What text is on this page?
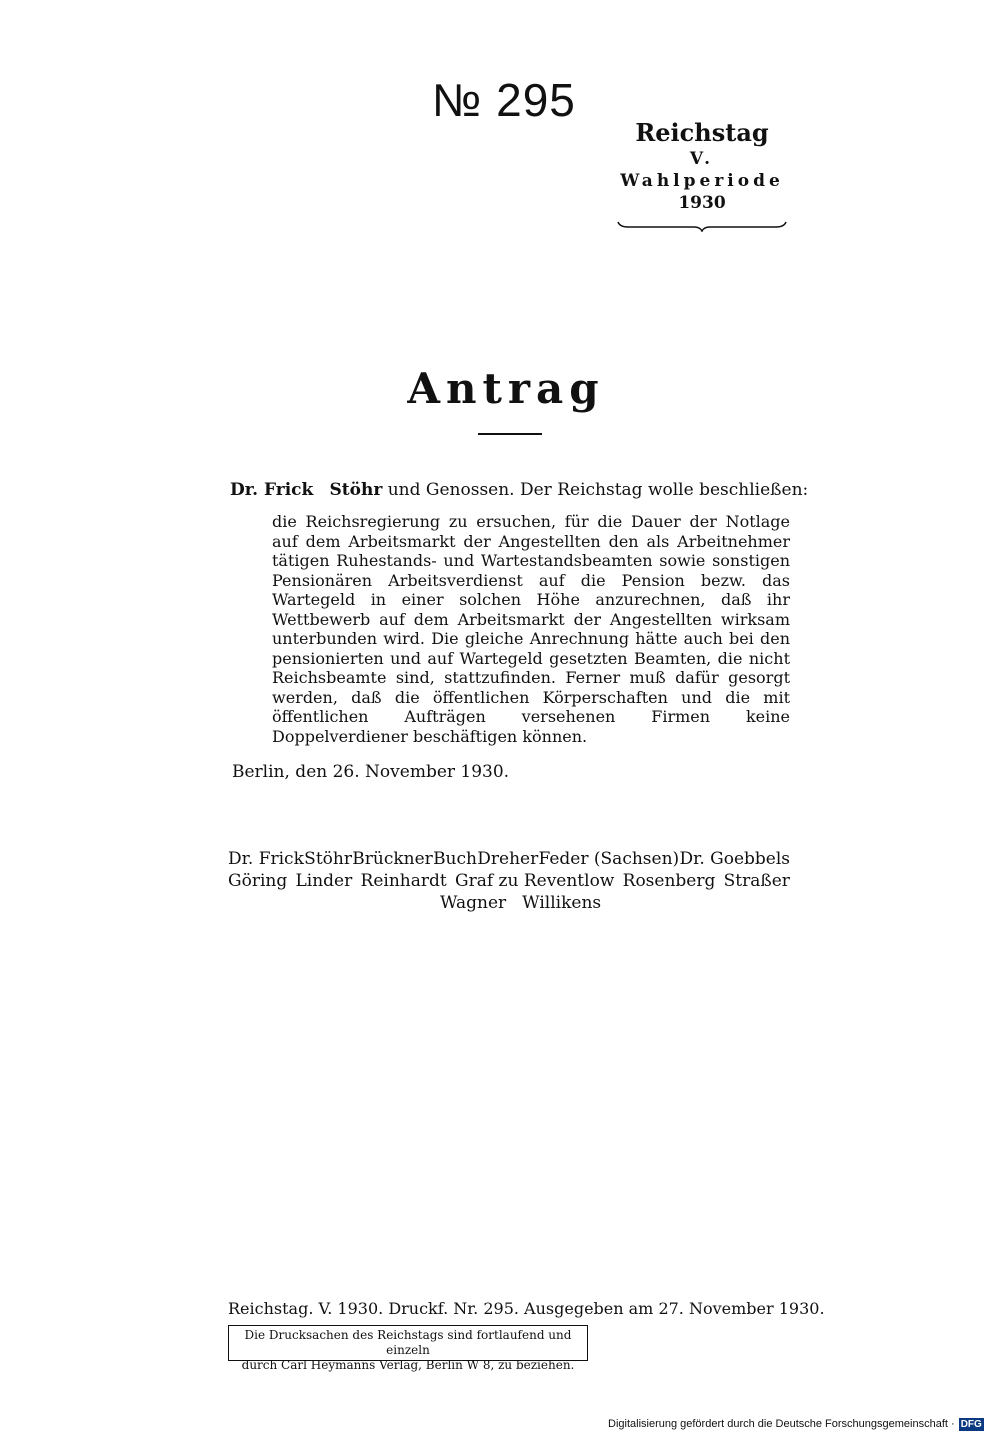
№ 295
Reichstag
V. Wahlperiode
1930
Antrag
Dr. Frick Stöhr und Genossen. Der Reichstag wolle beschließen:
die Reichsregierung zu ersuchen, für die Dauer der Notlage auf dem Arbeitsmarkt der Angestellten den als Arbeitnehmer tätigen Ruhestands- und Wartestandsbeamten sowie sonstigen Pensionären Arbeitsverdienst auf die Pension bezw. das Wartegeld in einer solchen Höhe anzurechnen, daß ihr Wettbewerb auf dem Arbeitsmarkt der Angestellten wirksam unterbunden wird. Die gleiche Anrechnung hätte auch bei den pensionierten und auf Wartegeld gesetzten Beamten, die nicht Reichsbeamte sind, stattzufinden. Ferner muß dafür gesorgt werden, daß die öffentlichen Körperschaften und die mit öffentlichen Aufträgen versehenen Firmen keine Doppelverdiener beschäftigen können.
Berlin, den 26. November 1930.
Dr. Frick Stöhr Brückner Buch Dreher Feder (Sachsen) Dr. Goebbels
Göring Linder Reinhardt Graf zu Reventlow Rosenberg Straßer
Wagner Willikens
Reichstag. V. 1930. Druckf. Nr. 295. Ausgegeben am 27. November 1930.
Die Drucksachen des Reichstags sind fortlaufend und einzeln
durch Carl Heymanns Verlag, Berlin W 8, zu beziehen.
Digitalisierung gefördert durch die Deutsche Forschungsgemeinschaft · DFG
